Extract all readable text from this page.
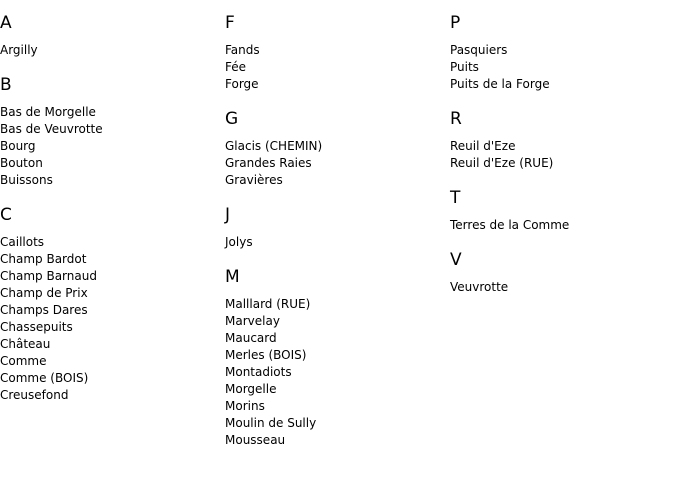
A
Argilly
B
Bas de Morgelle
Bas de Veuvrotte
Bourg
Bouton
Buissons
C
Caillots
Champ Bardot
Champ Barnaud
Champ de Prix
Champs Dares
Chassepuits
Château
Comme
Comme (BOIS)
Creusefond
F
Fands
Fée
Forge
G
Glacis (CHEMIN)
Grandes Raies
Gravières
J
Jolys
M
Malllard (RUE)
Marvelay
Maucard
Merles (BOIS)
Montadiots
Morgelle
Morins
Moulin de Sully
Mousseau
P
Pasquiers
Puits
Puits de la Forge
R
Reuil d'Eze
Reuil d'Eze (RUE)
T
Terres de la Comme
V
Veuvrotte
